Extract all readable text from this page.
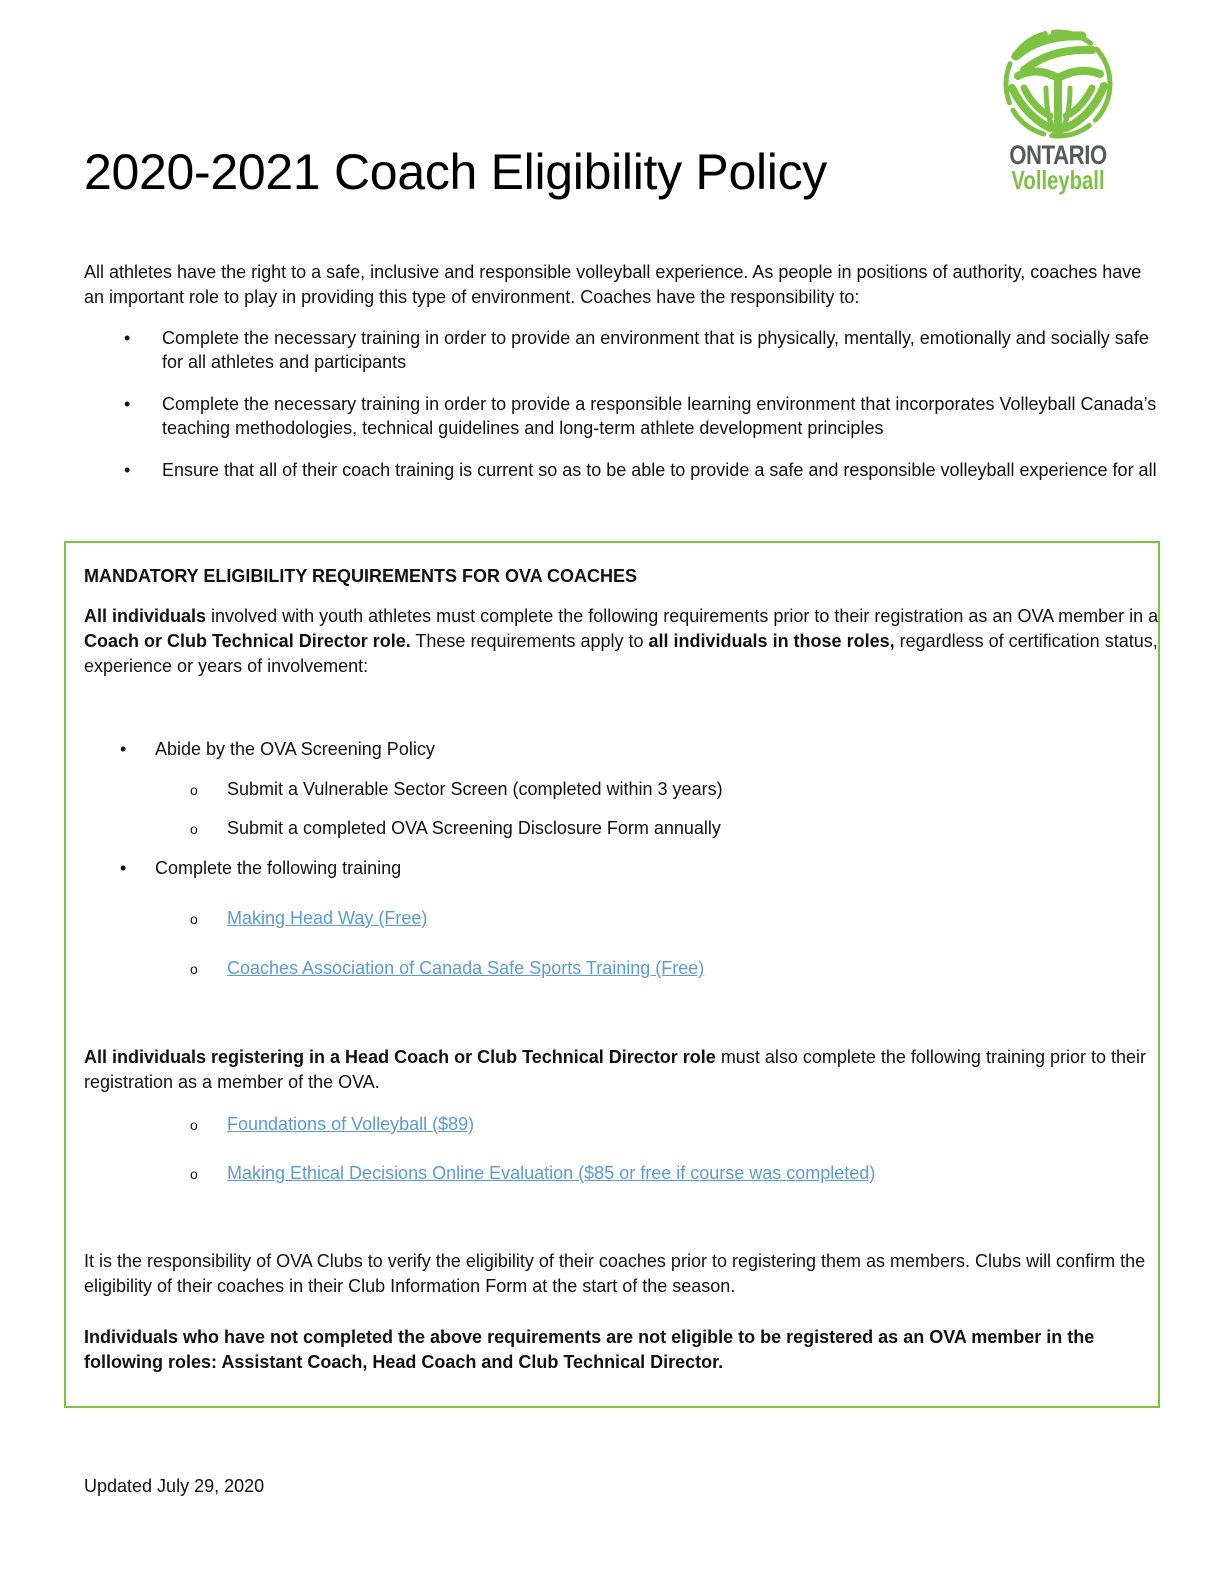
ONTARIO
Volleyball
2020-2021 Coach Eligibility Policy

All athletes have the right to a safe, inclusive and responsible volleyball experience. As people in positions of authority, coaches have an important role to play in providing this type of environment. Coaches have the responsibility to:

• Complete the necessary training in order to provide an environment that is physically, mentally, emotionally and socially safe for all athletes and participants
• Complete the necessary training in order to provide a responsible learning environment that incorporates Volleyball Canada’s teaching methodologies, technical guidelines and long-term athlete development principles
• Ensure that all of their coach training is current so as to be able to provide a safe and responsible volleyball experience for all

MANDATORY ELIGIBILITY REQUIREMENTS FOR OVA COACHES

All individuals involved with youth athletes must complete the following requirements prior to their registration as an OVA member in a Coach or Club Technical Director role. These requirements apply to all individuals in those roles, regardless of certification status, experience or years of involvement:

• Abide by the OVA Screening Policy
o Submit a Vulnerable Sector Screen (completed within 3 years)
o Submit a completed OVA Screening Disclosure Form annually
• Complete the following training
o Making Head Way (Free)
o Coaches Association of Canada Safe Sports Training (Free)

All individuals registering in a Head Coach or Club Technical Director role must also complete the following training prior to their registration as a member of the OVA.

o Foundations of Volleyball ($89)
o Making Ethical Decisions Online Evaluation ($85 or free if course was completed)

It is the responsibility of OVA Clubs to verify the eligibility of their coaches prior to registering them as members. Clubs will confirm the eligibility of their coaches in their Club Information Form at the start of the season.

Individuals who have not completed the above requirements are not eligible to be registered as an OVA member in the following roles: Assistant Coach, Head Coach and Club Technical Director.

Updated July 29, 2020
